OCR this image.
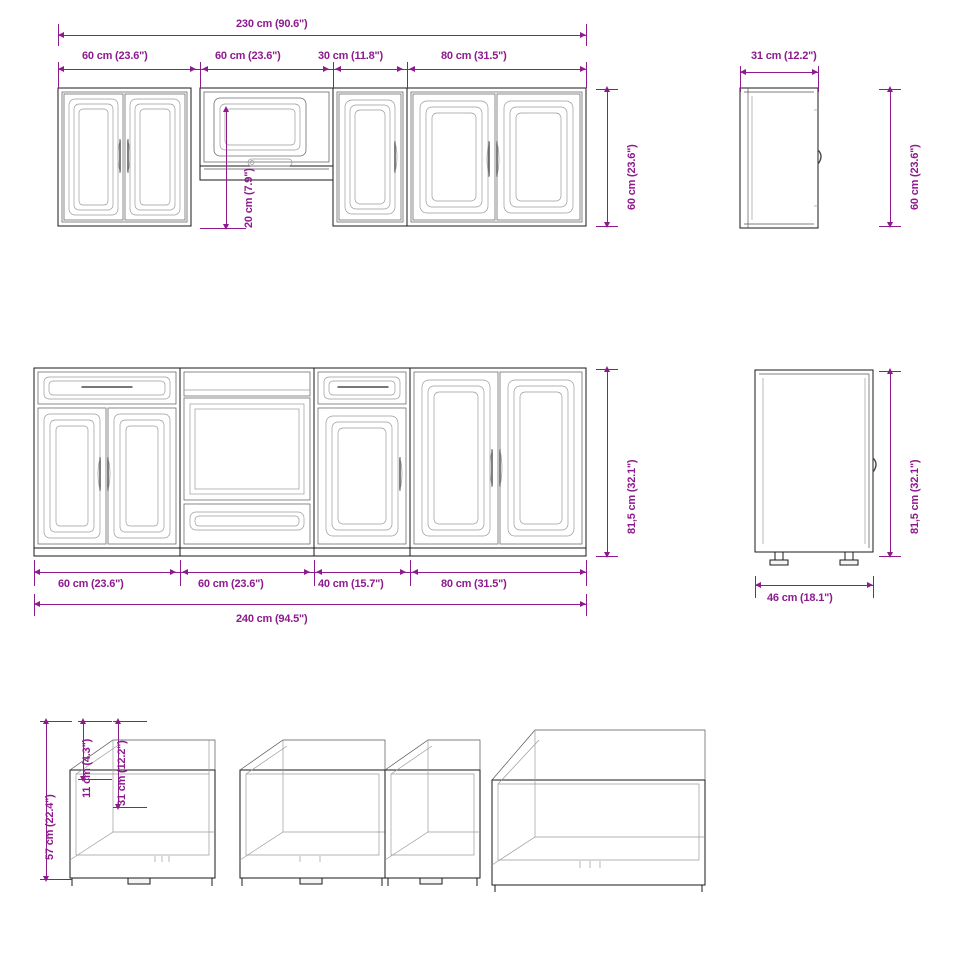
230 cm (90.6")
60 cm (23.6")	60 cm (23.6")	30 cm (11.8")	80 cm (31.5")
60 cm (23.6")
20 cm (7.9")
31 cm (12.2")
60 cm (23.6")
81,5 cm (32.1")
60 cm (23.6")	60 cm (23.6")	40 cm (15.7")	80 cm (31.5")
240 cm (94.5")
81,5 cm (32.1")
46 cm (18.1")
57 cm (22.4")
11 cm (4.3") 31 cm (12.2")
